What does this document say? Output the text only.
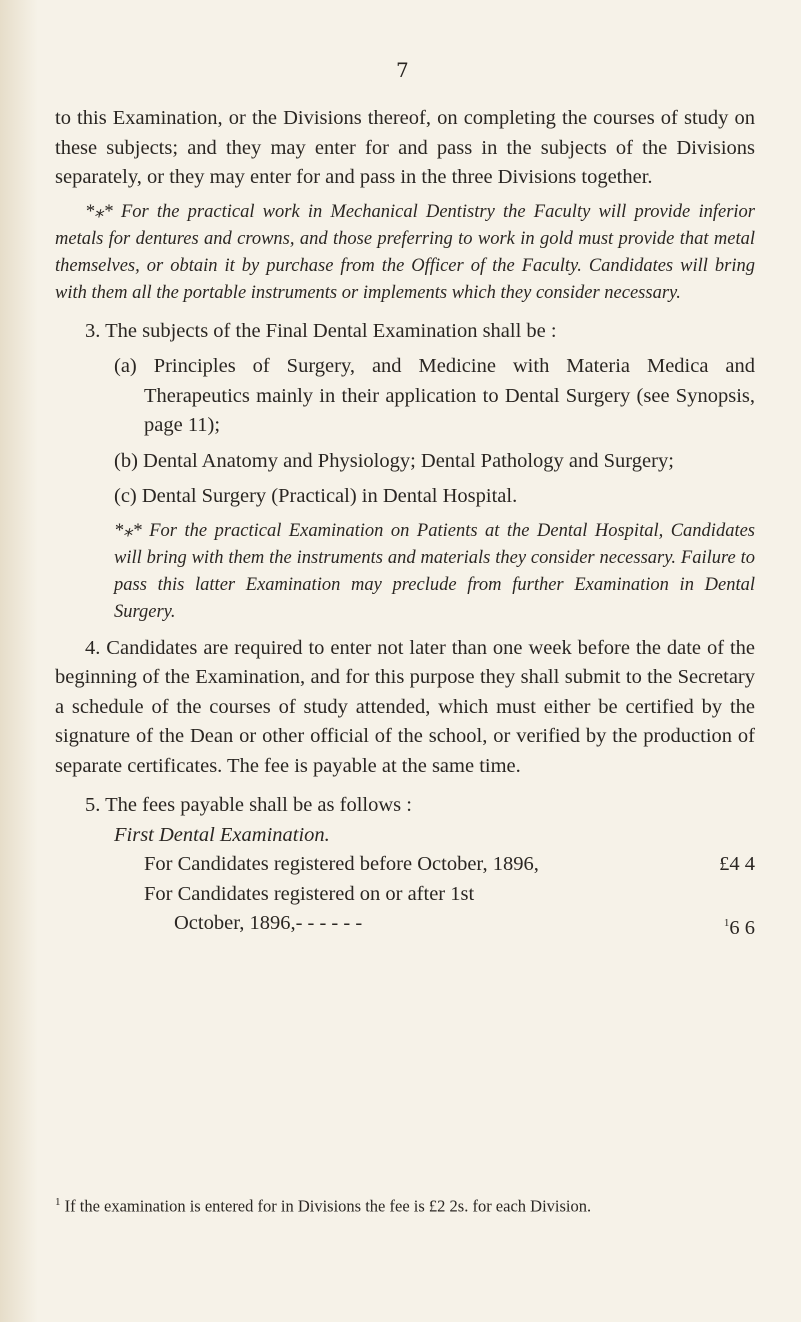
7

to this Examination, or the Divisions thereof, on completing the courses of study on these subjects; and they may enter for and pass in the subjects of the Divisions separately, or they may enter for and pass in the three Divisions together.

*⁎* For the practical work in Mechanical Dentistry the Faculty will provide inferior metals for dentures and crowns, and those preferring to work in gold must provide that metal themselves, or obtain it by purchase from the Officer of the Faculty. Candidates will bring with them all the portable instruments or implements which they consider necessary.

3. The subjects of the Final Dental Examination shall be :

(a) Principles of Surgery, and Medicine with Materia Medica and Therapeutics mainly in their application to Dental Surgery (see Synopsis, page 11);

(b) Dental Anatomy and Physiology; Dental Pathology and Surgery;

(c) Dental Surgery (Practical) in Dental Hospital.

*⁎* For the practical Examination on Patients at the Dental Hospital, Candidates will bring with them the instruments and materials they consider necessary. Failure to pass this latter Examination may preclude from further Examination in Dental Surgery.

4. Candidates are required to enter not later than one week before the date of the beginning of the Examination, and for this purpose they shall submit to the Secretary a schedule of the courses of study attended, which must either be certified by the signature of the Dean or other official of the school, or verified by the production of separate certificates. The fee is payable at the same time.

5. The fees payable shall be as follows :

First Dental Examination.

For Candidates registered before October, 1896,	£4 4

For Candidates registered on or after 1st

October, 1896,- - - - - -	$^1$6 6
$^1$ If the examination is entered for in Divisions the fee is £2 2s. for each Division.
